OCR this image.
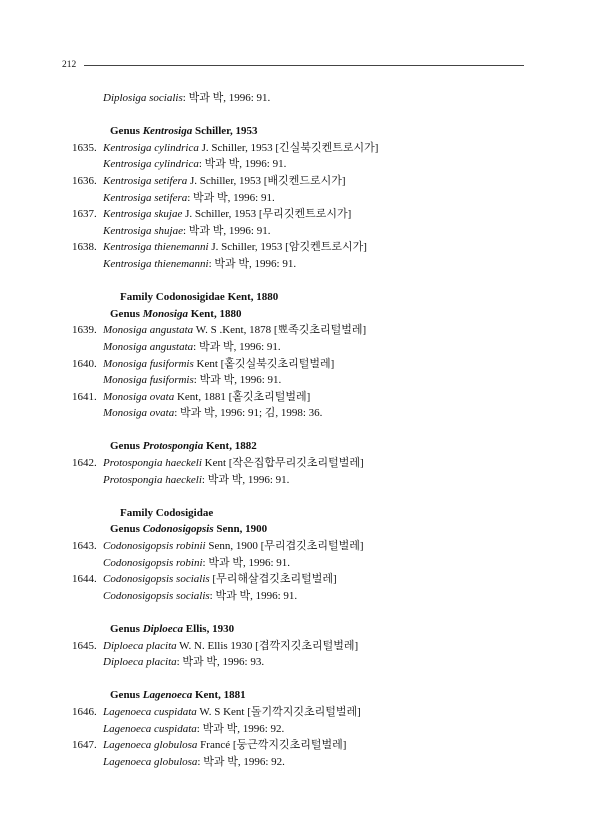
212
Diplosiga socialis: 박과 박, 1996: 91.
Genus Kentrosiga Schiller, 1953
1635. Kentrosiga cylindrica J. Schiller, 1953 [긴실북깃켄트로시가]
Kentrosiga cylindrica: 박과 박, 1996: 91.
1636. Kentrosiga setifera J. Schiller, 1953 [배깃켄드로시가]
Kentrosiga setifera: 박과 박, 1996: 91.
1637. Kentrosiga skujae J. Schiller, 1953 [무리깃켄트로시가]
Kentrosiga shujae: 박과 박, 1996: 91.
1638. Kentrosiga thienemanni J. Schiller, 1953 [암깃켄트로시가]
Kentrosiga thienemanni: 박과 박, 1996: 91.
Family Codonosigidae Kent, 1880
Genus Monosiga Kent, 1880
1639. Monosiga angustata W. S .Kent, 1878 [뾰족깃초리털벌레]
Monosiga angustata: 박과 박, 1996: 91.
1640. Monosiga fusiformis Kent [홑깃실북깃초리털벌레]
Monosiga fusiformis: 박과 박, 1996: 91.
1641. Monosiga ovata Kent, 1881 [홑깃초리털벌레]
Monosiga ovata: 박과 박, 1996: 91; 김, 1998: 36.
Genus Protospongia Kent, 1882
1642. Protospongia haeckeli Kent [작은집합무리깃초리털벌레]
Protospongia haeckeli: 박과 박, 1996: 91.
Family Codosigidae
Genus Codonosigopsis Senn, 1900
1643. Codonosigopsis robinii Senn, 1900 [무리겹깃초리털벌레]
Codonosigopsis robini: 박과 박, 1996: 91.
1644. Codonosigopsis socialis [무리해살겹깃초리털벌레]
Codonosigopsis socialis: 박과 박, 1996: 91.
Genus Diploeca Ellis, 1930
1645. Diploeca placita W. N. Ellis 1930 [겹깍지깃초리털벌레]
Diploeca placita: 박과 박, 1996: 93.
Genus Lagenoeca Kent, 1881
1646. Lagenoeca cuspidata W. S Kent [돌기깍지깃초리털벌레]
Lagenoeca cuspidata: 박과 박, 1996: 92.
1647. Lagenoeca globulosa Francé [둥근깍지깃초리털벌레]
Lagenoeca globulosa: 박과 박, 1996: 92.
